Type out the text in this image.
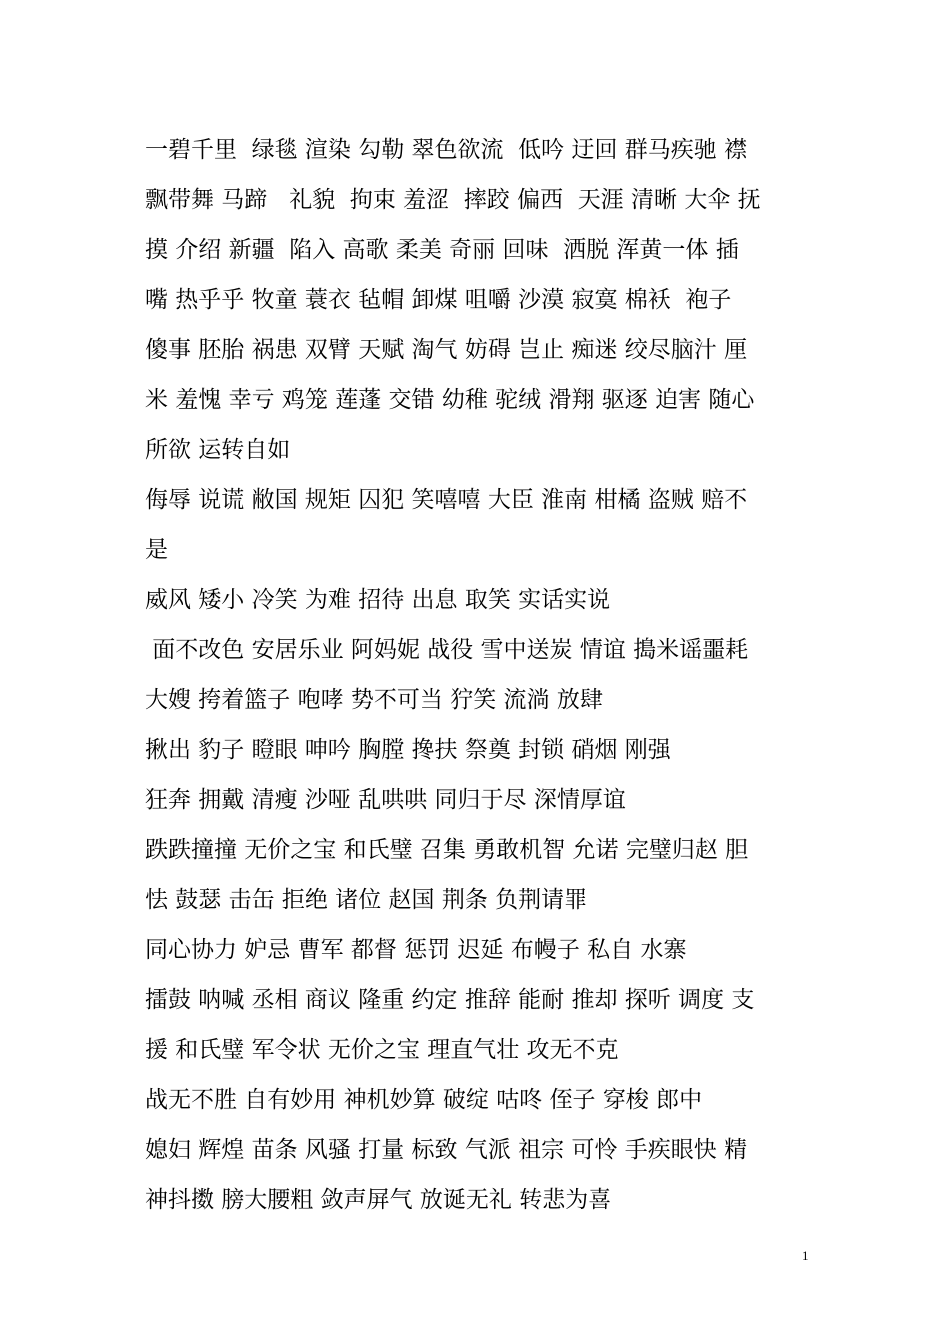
一碧千里  绿毯 渲染 勾勒 翠色欲流  低吟 迂回 群马疾驰 襟
飘带舞 马蹄   礼貌  拘束 羞涩  摔跤 偏西  天涯 清晰 大伞 抚
摸 介绍 新疆  陷入 高歌 柔美 奇丽 回味  洒脱 浑黄一体 插
嘴 热乎乎 牧童 蓑衣 毡帽 卸煤 咀嚼 沙漠 寂寞 棉袄  袍子
傻事 胚胎 祸患 双臂 天赋 淘气 妨碍 岂止 痴迷 绞尽脑汁 厘
米 羞愧 幸亏 鸡笼 莲蓬 交错 幼稚 驼绒 滑翔 驱逐 迫害 随心
所欲 运转自如
侮辱 说谎 敝国 规矩 囚犯 笑嘻嘻 大臣 淮南 柑橘 盗贼 赔不
是
威风 矮小 冷笑 为难 招待 出息 取笑 实话实说
面不改色 安居乐业 阿妈妮 战役 雪中送炭 情谊 搗米谣噩耗
大嫂 挎着篮子 咆哮 势不可当 狞笑 流淌 放肆
揪出 豹子 瞪眼 呻吟 胸膛 搀扶 祭奠 封锁 硝烟 刚强
狂奔 拥戴 清瘦 沙哑 乱哄哄 同归于尽 深情厚谊
跌跌撞撞 无价之宝 和氏璧 召集 勇敢机智 允诺 完璧归赵 胆
怯 鼓瑟 击缶 拒绝 诸位 赵国 荆条 负荆请罪
同心协力 妒忌 曹军 都督 惩罚 迟延 布幔子 私自 水寨
擂鼓 呐喊 丞相 商议 隆重 约定 推辞 能耐 推却 探听 调度 支
援 和氏璧 军令状 无价之宝 理直气壮 攻无不克
战无不胜 自有妙用 神机妙算 破绽 咕咚 侄子 穿梭 郎中
媳妇 辉煌 苗条 风骚 打量 标致 气派 祖宗 可怜 手疾眼快 精
神抖擞 膀大腰粗 敛声屏气 放诞无礼 转悲为喜
1
